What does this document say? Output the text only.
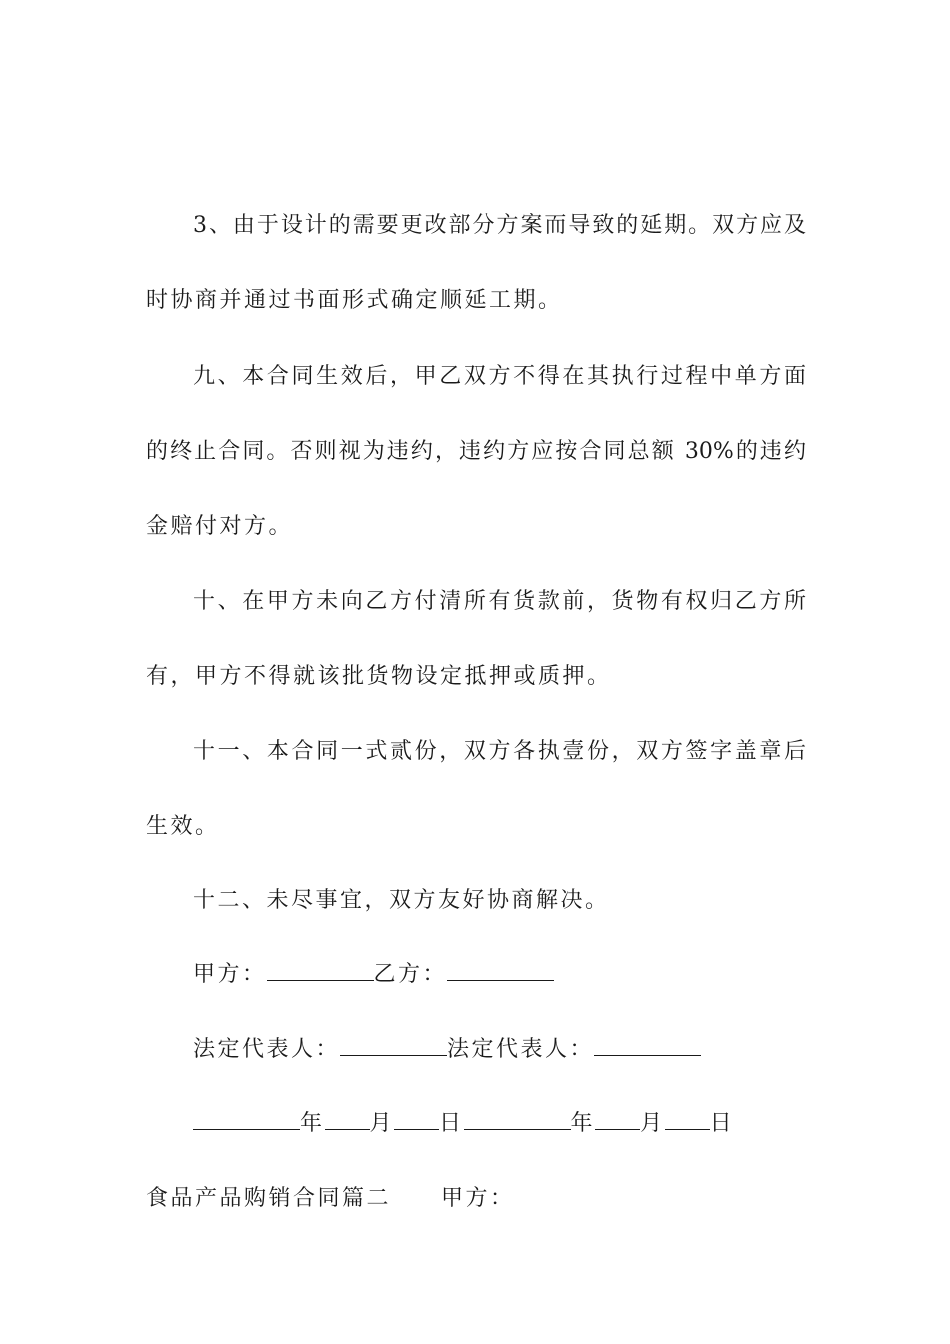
3、由于设计的需要更改部分方案而导致的延期。双方应及
时协商并通过书面形式确定顺延工期。
九、本合同生效后，甲乙双方不得在其执行过程中单方面
的终止合同。否则视为违约，违约方应按合同总额 30%的违约
金赔付对方。
十、在甲方未向乙方付清所有货款前，货物有权归乙方所
有，甲方不得就该批货物设定抵押或质押。
十一、本合同一式贰份，双方各执壹份，双方签字盖章后
生效。
十二、未尽事宜，双方友好协商解决。
甲方：	乙方：
法定代表人：	法定代表人：
年 月 日	年 月 日
食品产品购销合同篇二 甲方：
